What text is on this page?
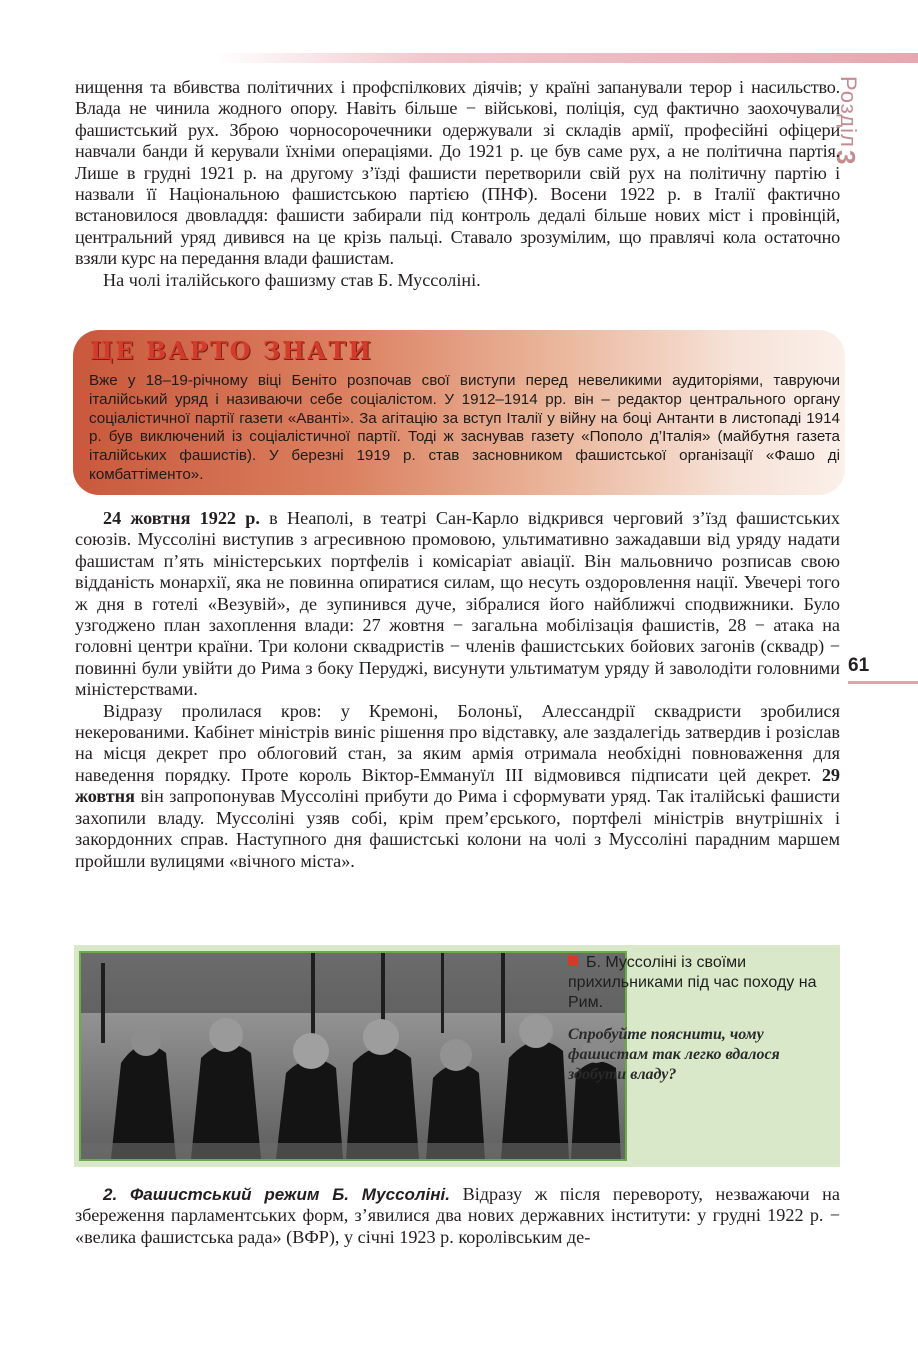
Розділ
3
61

нищення та вбивства політичних і профспілкових діячів; у країні запанували терор і насильство. Влада не чинила жодного опору. Навіть більше − військові, поліція, суд фактично заохочували фашистський рух. Зброю чорносорочечники одержували зі складів армії, професійні офіцери навчали банди й керували їхніми операціями. До 1921 р. це був саме рух, а не політична партія. Лише в грудні 1921 р. на другому з’їзді фашисти перетворили свій рух на політичну партію і назвали її Національною фашистською партією (ПНФ). Восени 1922 р. в Італії фактично встановилося двовладдя: фашисти забирали під контроль дедалі більше нових міст і провінцій, центральний уряд дивився на це крізь пальці. Ставало зрозумілим, що правлячі кола остаточно взяли курс на передання влади фашистам.

На чолі італійського фашизму став Б. Муссоліні.

ЦЕ ВАРТО ЗНАТИ
Вже у 18–19-річному віці Беніто розпочав свої виступи перед невеликими аудиторіями, тавруючи італійський уряд і називаючи себе соціалістом. У 1912–1914 рр. він – редактор центрального органу соціалістичної партії газети «Аванті». За агітацію за вступ Італії у війну на боці Антанти в листопаді 1914 р. був виключений із соціалістичної партії. Тоді ж заснував газету «Пополо д’Італія» (майбутня газета італійських фашистів). У березні 1919 р. став засновником фашистської організації «Фашо ді комбаттіменто».

24 жовтня 1922 р. в Неаполі, в театрі Сан-Карло відкрився черговий з’їзд фашистських союзів. Муссоліні виступив з агресивною промовою, ультимативно зажадавши від уряду надати фашистам п’ять міністерських портфелів і комісаріат авіації. Він мальовничо розписав свою відданість монархії, яка не повинна опиратися силам, що несуть оздоровлення нації. Увечері того ж дня в готелі «Везувій», де зупинився дуче, зібралися його найближчі сподвижники. Було узгоджено план захоплення влади: 27 жовтня − загальна мобілізація фашистів, 28 − атака на головні центри країни. Три колони сквадристів − членів фашистських бойових загонів (сквадр) − повинні були увійти до Рима з боку Перуджі, висунути ультиматум уряду й заволодіти головними міністерствами.

Відразу пролилася кров: у Кремоні, Болоньї, Алессандрії сквадристи зробилися некерованими. Кабінет міністрів виніс рішення про відставку, але заздалегідь затвердив і розіслав на місця декрет про облоговий стан, за яким армія отримала необхідні повноваження для наведення порядку. Проте король Віктор-Еммануїл ІІІ відмовився підписати цей декрет. 29 жовтня він запропонував Муссоліні прибути до Рима і сформувати уряд. Так італійські фашисти захопили владу. Муссоліні узяв собі, крім прем’єрського, портфелі міністрів внутрішніх і закордонних справ. Наступного дня фашистські колони на чолі з Муссоліні парадним маршем пройшли вулицями «вічного міста».

Б. Муссоліні із своїми прихильниками під час походу на Рим.
Спробуйте пояснити, чому фашистам так легко вдалося здобути владу?

2. Фашистський режим Б. Муссоліні. Відразу ж після перевороту, незважаючи на збереження парламентських форм, з’явилися два нових державних інститути: у грудні 1922 р. − «велика фашистська рада» (ВФР), у січні 1923 р. королівським де-
